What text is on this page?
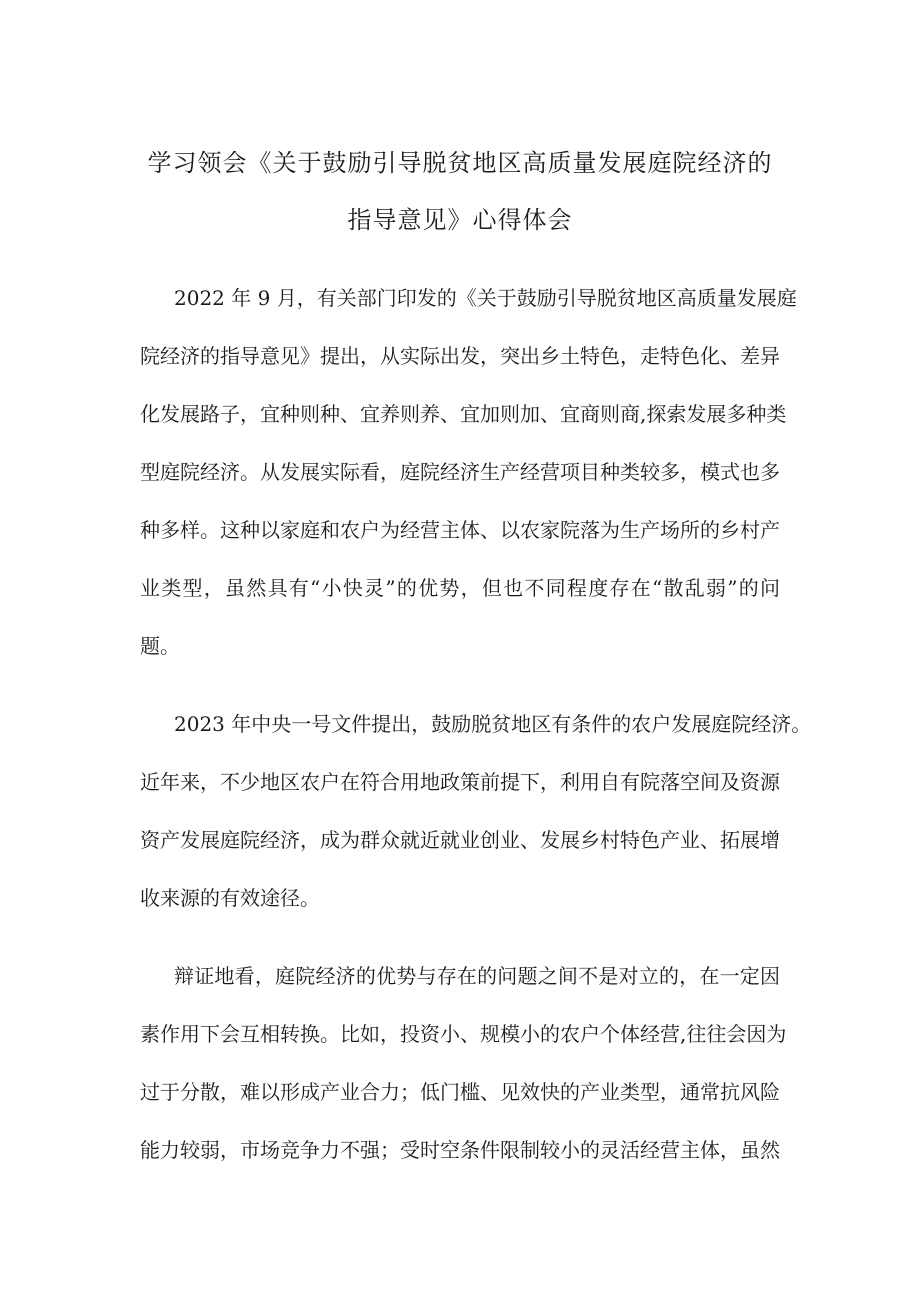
学习领会《关于鼓励引导脱贫地区高质量发展庭院经济的
指导意见》心得体会
2022 年 9 月，有关部门印发的《关于鼓励引导脱贫地区高质量发展庭
院经济的指导意见》提出，从实际出发，突出乡土特色，走特色化、差异
化发展路子，宜种则种、宜养则养、宜加则加、宜商则商,探索发展多种类
型庭院经济。从发展实际看，庭院经济生产经营项目种类较多，模式也多
种多样。这种以家庭和农户为经营主体、以农家院落为生产场所的乡村产
业类型，虽然具有“小快灵”的优势，但也不同程度存在“散乱弱”的问
题。
2023 年中央一号文件提出，鼓励脱贫地区有条件的农户发展庭院经济。
近年来，不少地区农户在符合用地政策前提下，利用自有院落空间及资源
资产发展庭院经济，成为群众就近就业创业、发展乡村特色产业、拓展增
收来源的有效途径。
辩证地看，庭院经济的优势与存在的问题之间不是对立的，在一定因
素作用下会互相转换。比如，投资小、规模小的农户个体经营,往往会因为
过于分散，难以形成产业合力；低门槛、见效快的产业类型，通常抗风险
能力较弱，市场竞争力不强；受时空条件限制较小的灵活经营主体，虽然
